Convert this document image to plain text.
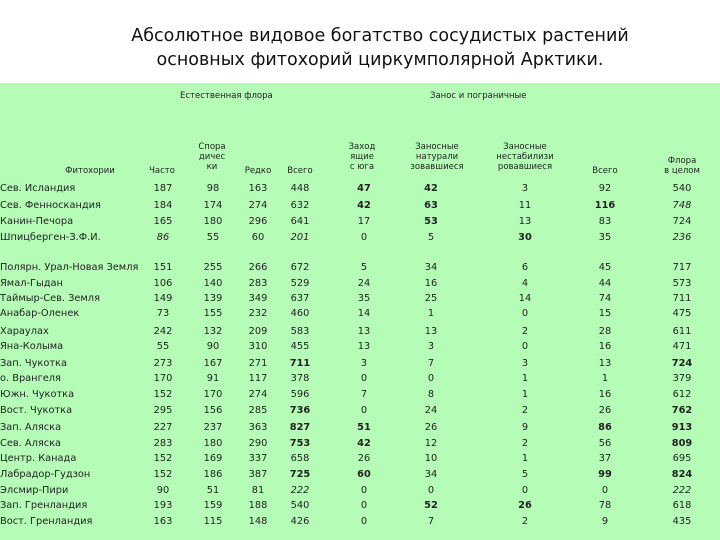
Абсолютное видовое богатство сосудистых растений
основных фитохорий циркумполярной Арктики.
Естественная флора	Занос и пограничные
Фитохории	Часто
Спора
дичес
ки	Редко	Всего
Заход
ящие
с юга
Заносные
натурали
зовавшиеся
Заносные
нестабилизи
ровавшиеся	Всего
Флора
в целом
Сев. Исландия	187	98	163	448	47	42	3	92	540
Сев. Фенноскандия	184	174	274	632	42	63	11	116	748
Канин-Печора	165	180	296	641	17	53	13	83	724
Шпицберген-З.Ф.И.	86	55	60	201	0	5	30	35	236
Полярн. Урал-Новая Земля	151	255	266	672	5	34	6	45	717
Ямал-Гыдан	106	140	283	529	24	16	4	44	573
Таймыр-Сев. Земля	149	139	349	637	35	25	14	74	711
Анабар-Оленек	73	155	232	460	14	1	0	15	475
Хараулах	242	132	209	583	13	13	2	28	611
Яна-Колыма	55	90	310	455	13	3	0	16	471
Зап. Чукотка	273	167	271	711	3	7	3	13	724
о. Врангеля	170	91	117	378	0	0	1	1	379
Южн. Чукотка	152	170	274	596	7	8	1	16	612
Вост. Чукотка	295	156	285	736	0	24	2	26	762
Зап. Аляска	227	237	363	827	51	26	9	86	913
Сев. Аляска	283	180	290	753	42	12	2	56	809
Центр. Канада	152	169	337	658	26	10	1	37	695
Лабрадор-Гудзон	152	186	387	725	60	34	5	99	824
Элсмир-Пири	90	51	81	222	0	0	0	0	222
Зап. Гренландия	193	159	188	540	0	52	26	78	618
Вост. Гренландия	163	115	148	426	0	7	2	9	435
